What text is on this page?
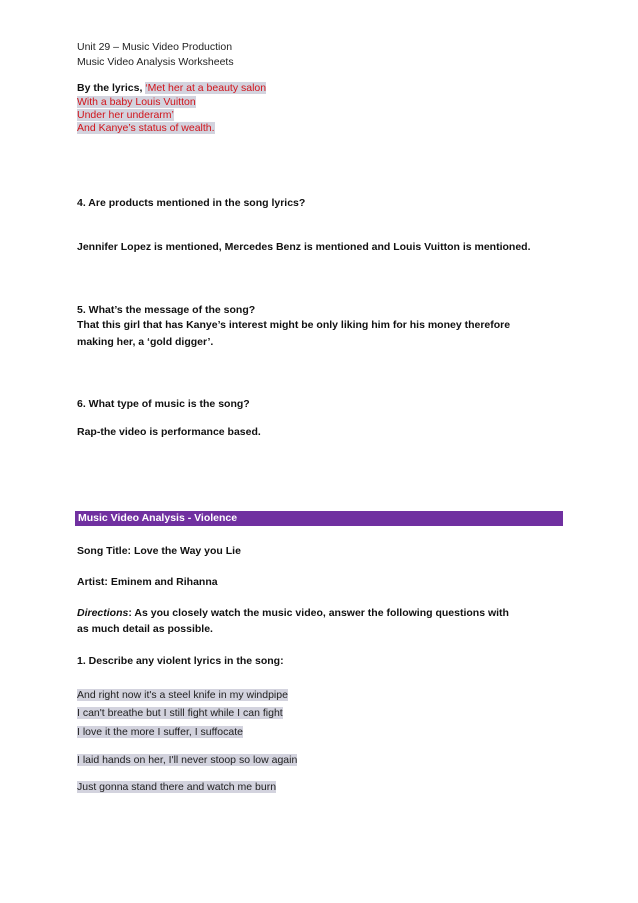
Unit 29 – Music Video Production
Music Video Analysis Worksheets
By the lyrics, ‘Met her at a beauty salon
With a baby Louis Vuitton
Under her underarm’
And Kanye’s status of wealth.
4. Are products mentioned in the song lyrics?
Jennifer Lopez is mentioned, Mercedes Benz is mentioned and Louis Vuitton is mentioned.
5. What’s the message of the song?
That this girl that has Kanye’s interest might be only liking him for his money therefore
making her, a ‘gold digger’.
6. What type of music is the song?
Rap-the video is performance based.
Music Video Analysis - Violence
Song Title: Love the Way you Lie
Artist: Eminem and Rihanna
Directions: As you closely watch the music video, answer the following questions with
as much detail as possible.
1. Describe any violent lyrics in the song:
And right now it's a steel knife in my windpipe
I can't breathe but I still fight while I can fight
I love it the more I suffer, I suffocate
I laid hands on her, I'll never stoop so low again
Just gonna stand there and watch me burn
